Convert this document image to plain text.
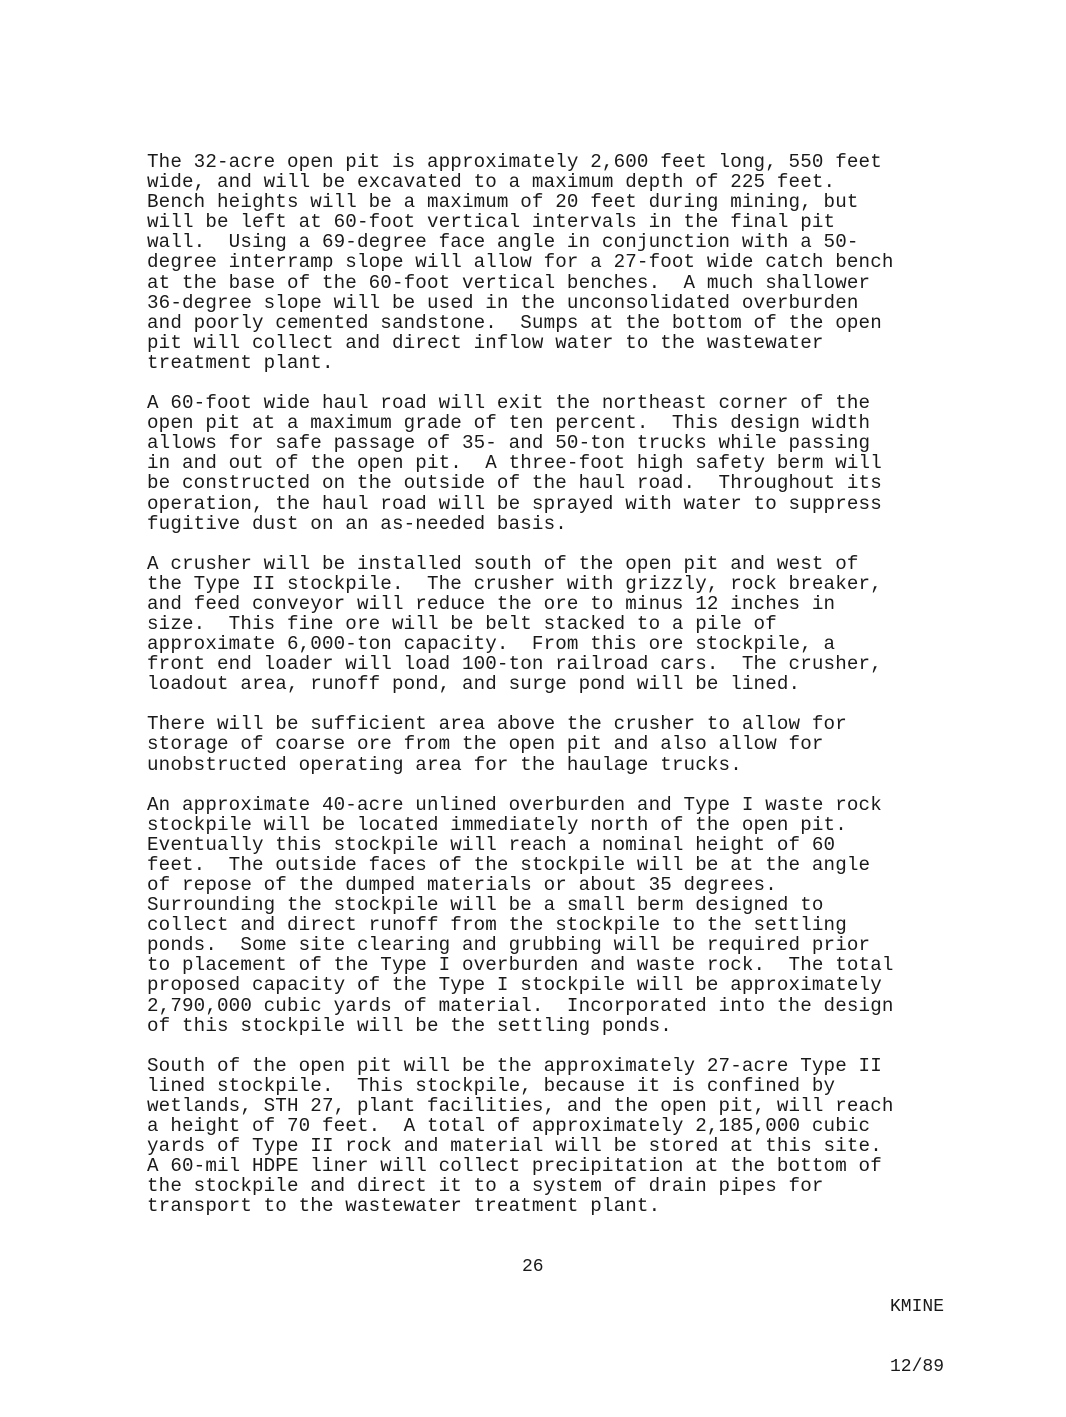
The 32-acre open pit is approximately 2,600 feet long, 550 feet
wide, and will be excavated to a maximum depth of 225 feet.
Bench heights will be a maximum of 20 feet during mining, but
will be left at 60-foot vertical intervals in the final pit
wall.  Using a 69-degree face angle in conjunction with a 50-
degree interramp slope will allow for a 27-foot wide catch bench
at the base of the 60-foot vertical benches.  A much shallower
36-degree slope will be used in the unconsolidated overburden
and poorly cemented sandstone.  Sumps at the bottom of the open
pit will collect and direct inflow water to the wastewater
treatment plant.

A 60-foot wide haul road will exit the northeast corner of the
open pit at a maximum grade of ten percent.  This design width
allows for safe passage of 35- and 50-ton trucks while passing
in and out of the open pit.  A three-foot high safety berm will
be constructed on the outside of the haul road.  Throughout its
operation, the haul road will be sprayed with water to suppress
fugitive dust on an as-needed basis.

A crusher will be installed south of the open pit and west of
the Type II stockpile.  The crusher with grizzly, rock breaker,
and feed conveyor will reduce the ore to minus 12 inches in
size.  This fine ore will be belt stacked to a pile of
approximate 6,000-ton capacity.  From this ore stockpile, a
front end loader will load 100-ton railroad cars.  The crusher,
loadout area, runoff pond, and surge pond will be lined.

There will be sufficient area above the crusher to allow for
storage of coarse ore from the open pit and also allow for
unobstructed operating area for the haulage trucks.

An approximate 40-acre unlined overburden and Type I waste rock
stockpile will be located immediately north of the open pit.
Eventually this stockpile will reach a nominal height of 60
feet.  The outside faces of the stockpile will be at the angle
of repose of the dumped materials or about 35 degrees.
Surrounding the stockpile will be a small berm designed to
collect and direct runoff from the stockpile to the settling
ponds.  Some site clearing and grubbing will be required prior
to placement of the Type I overburden and waste rock.  The total
proposed capacity of the Type I stockpile will be approximately
2,790,000 cubic yards of material.  Incorporated into the design
of this stockpile will be the settling ponds.

South of the open pit will be the approximately 27-acre Type II
lined stockpile.  This stockpile, because it is confined by
wetlands, STH 27, plant facilities, and the open pit, will reach
a height of 70 feet.  A total of approximately 2,185,000 cubic
yards of Type II rock and material will be stored at this site.
A 60-mil HDPE liner will collect precipitation at the bottom of
the stockpile and direct it to a system of drain pipes for
transport to the wastewater treatment plant.

26

KMINE

12/89
